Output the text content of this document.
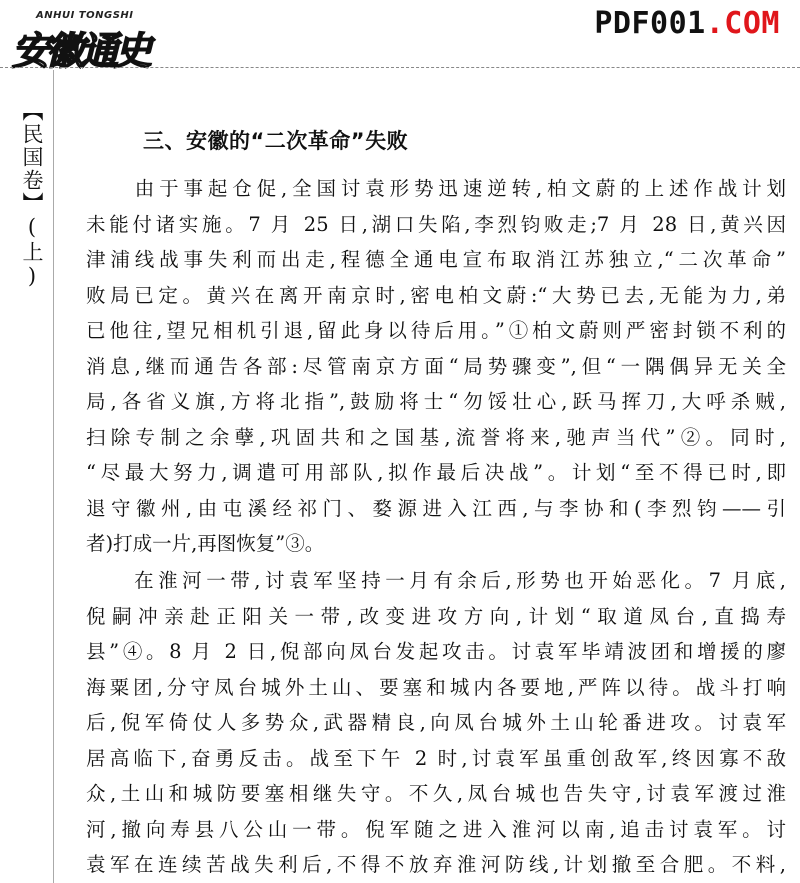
ANHUI TONGSHI
安徽通史
PDF001.COM
【民国卷】(上)	三、安徽的“二次革命”失败
　　由于事起仓促,全国讨袁形势迅速逆转,柏文蔚的上述作战计划
未能付诸实施。7 月 25 日,湖口失陷,李烈钧败走;7 月 28 日,黄兴因
津浦线战事失利而出走,程德全通电宣布取消江苏独立,“二次革命”
败局已定。黄兴在离开南京时,密电柏文蔚:“大势已去,无能为力,弟
已他往,望兄相机引退,留此身以待后用。”①柏文蔚则严密封锁不利的
消息,继而通告各部:尽管南京方面“局势骤变”,但“一隅偶异无关全
局,各省义旗,方将北指”,鼓励将士“勿馁壮心,跃马挥刀,大呼杀贼,
扫除专制之余孽,巩固共和之国基,流誉将来,驰声当代”②。同时,
“尽最大努力,调遣可用部队,拟作最后决战”。计划“至不得已时,即
退守徽州,由屯溪经祁门、婺源进入江西,与李协和(李烈钧——引
者)打成一片,再图恢复”③。
　　在淮河一带,讨袁军坚持一月有余后,形势也开始恶化。7 月底,
倪嗣冲亲赴正阳关一带,改变进攻方向,计划“取道凤台,直捣寿
县”④。8 月 2 日,倪部向凤台发起攻击。讨袁军毕靖波团和增援的廖
海粟团,分守凤台城外土山、要塞和城内各要地,严阵以待。战斗打响
后,倪军倚仗人多势众,武器精良,向凤台城外土山轮番进攻。讨袁军
居高临下,奋勇反击。战至下午 2 时,讨袁军虽重创敌军,终因寡不敌
众,土山和城防要塞相继失守。不久,凤台城也告失守,讨袁军渡过淮
河,撤向寿县八公山一带。倪军随之进入淮河以南,追击讨袁军。讨
袁军在连续苦战失利后,不得不放弃淮河防线,计划撤至合肥。不料,
